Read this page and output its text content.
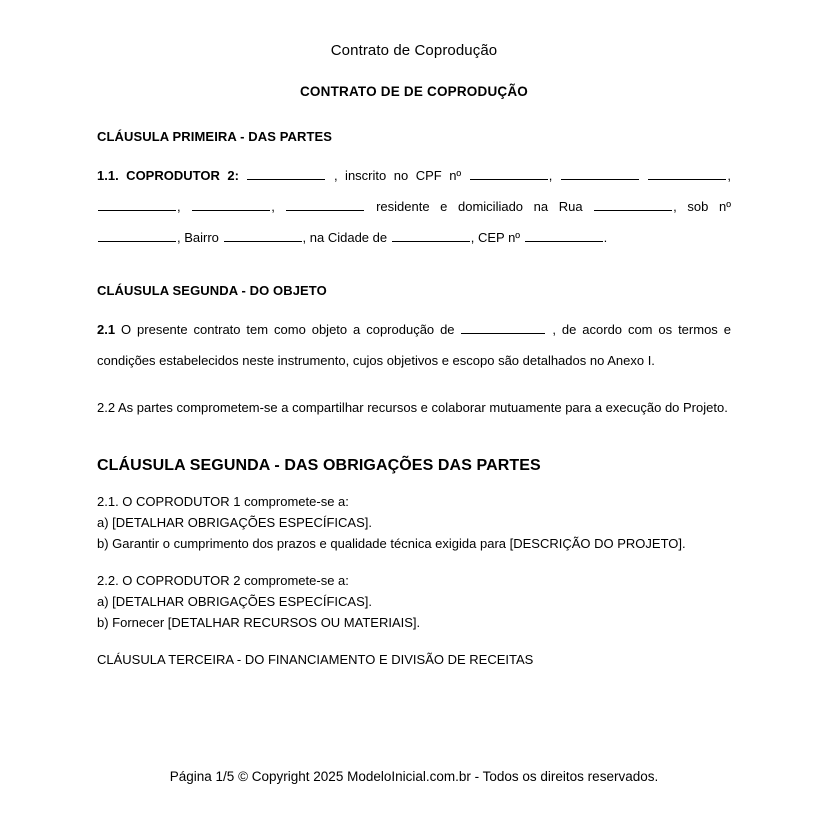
Contrato de Coprodução
CONTRATO DE DE COPRODUÇÃO

CLÁUSULA PRIMEIRA - DAS PARTES

1.1. COPRODUTOR 2:	, inscrito no CPF nº	,	, ,	,	residente e domiciliado na Rua	, sob nº , Bairro	, na Cidade de	, CEP nº	.

CLÁUSULA SEGUNDA - DO OBJETO

2.1 O presente contrato tem como objeto a coprodução de	, de acordo com os termos e condições estabelecidos neste instrumento, cujos objetivos e escopo são detalhados no Anexo I.

2.2 As partes comprometem-se a compartilhar recursos e colaborar mutuamente para a execução do Projeto.

CLÁUSULA SEGUNDA - DAS OBRIGAÇÕES DAS PARTES

2.1. O COPRODUTOR 1 compromete-se a:
a) [DETALHAR OBRIGAÇÕES ESPECÍFICAS].
b) Garantir o cumprimento dos prazos e qualidade técnica exigida para [DESCRIÇÃO DO PROJETO].

2.2. O COPRODUTOR 2 compromete-se a:
a) [DETALHAR OBRIGAÇÕES ESPECÍFICAS].
b) Fornecer [DETALHAR RECURSOS OU MATERIAIS].

CLÁUSULA TERCEIRA - DO FINANCIAMENTO E DIVISÃO DE RECEITAS

Página 1/5 © Copyright 2025 ModeloInicial.com.br - Todos os direitos reservados.
